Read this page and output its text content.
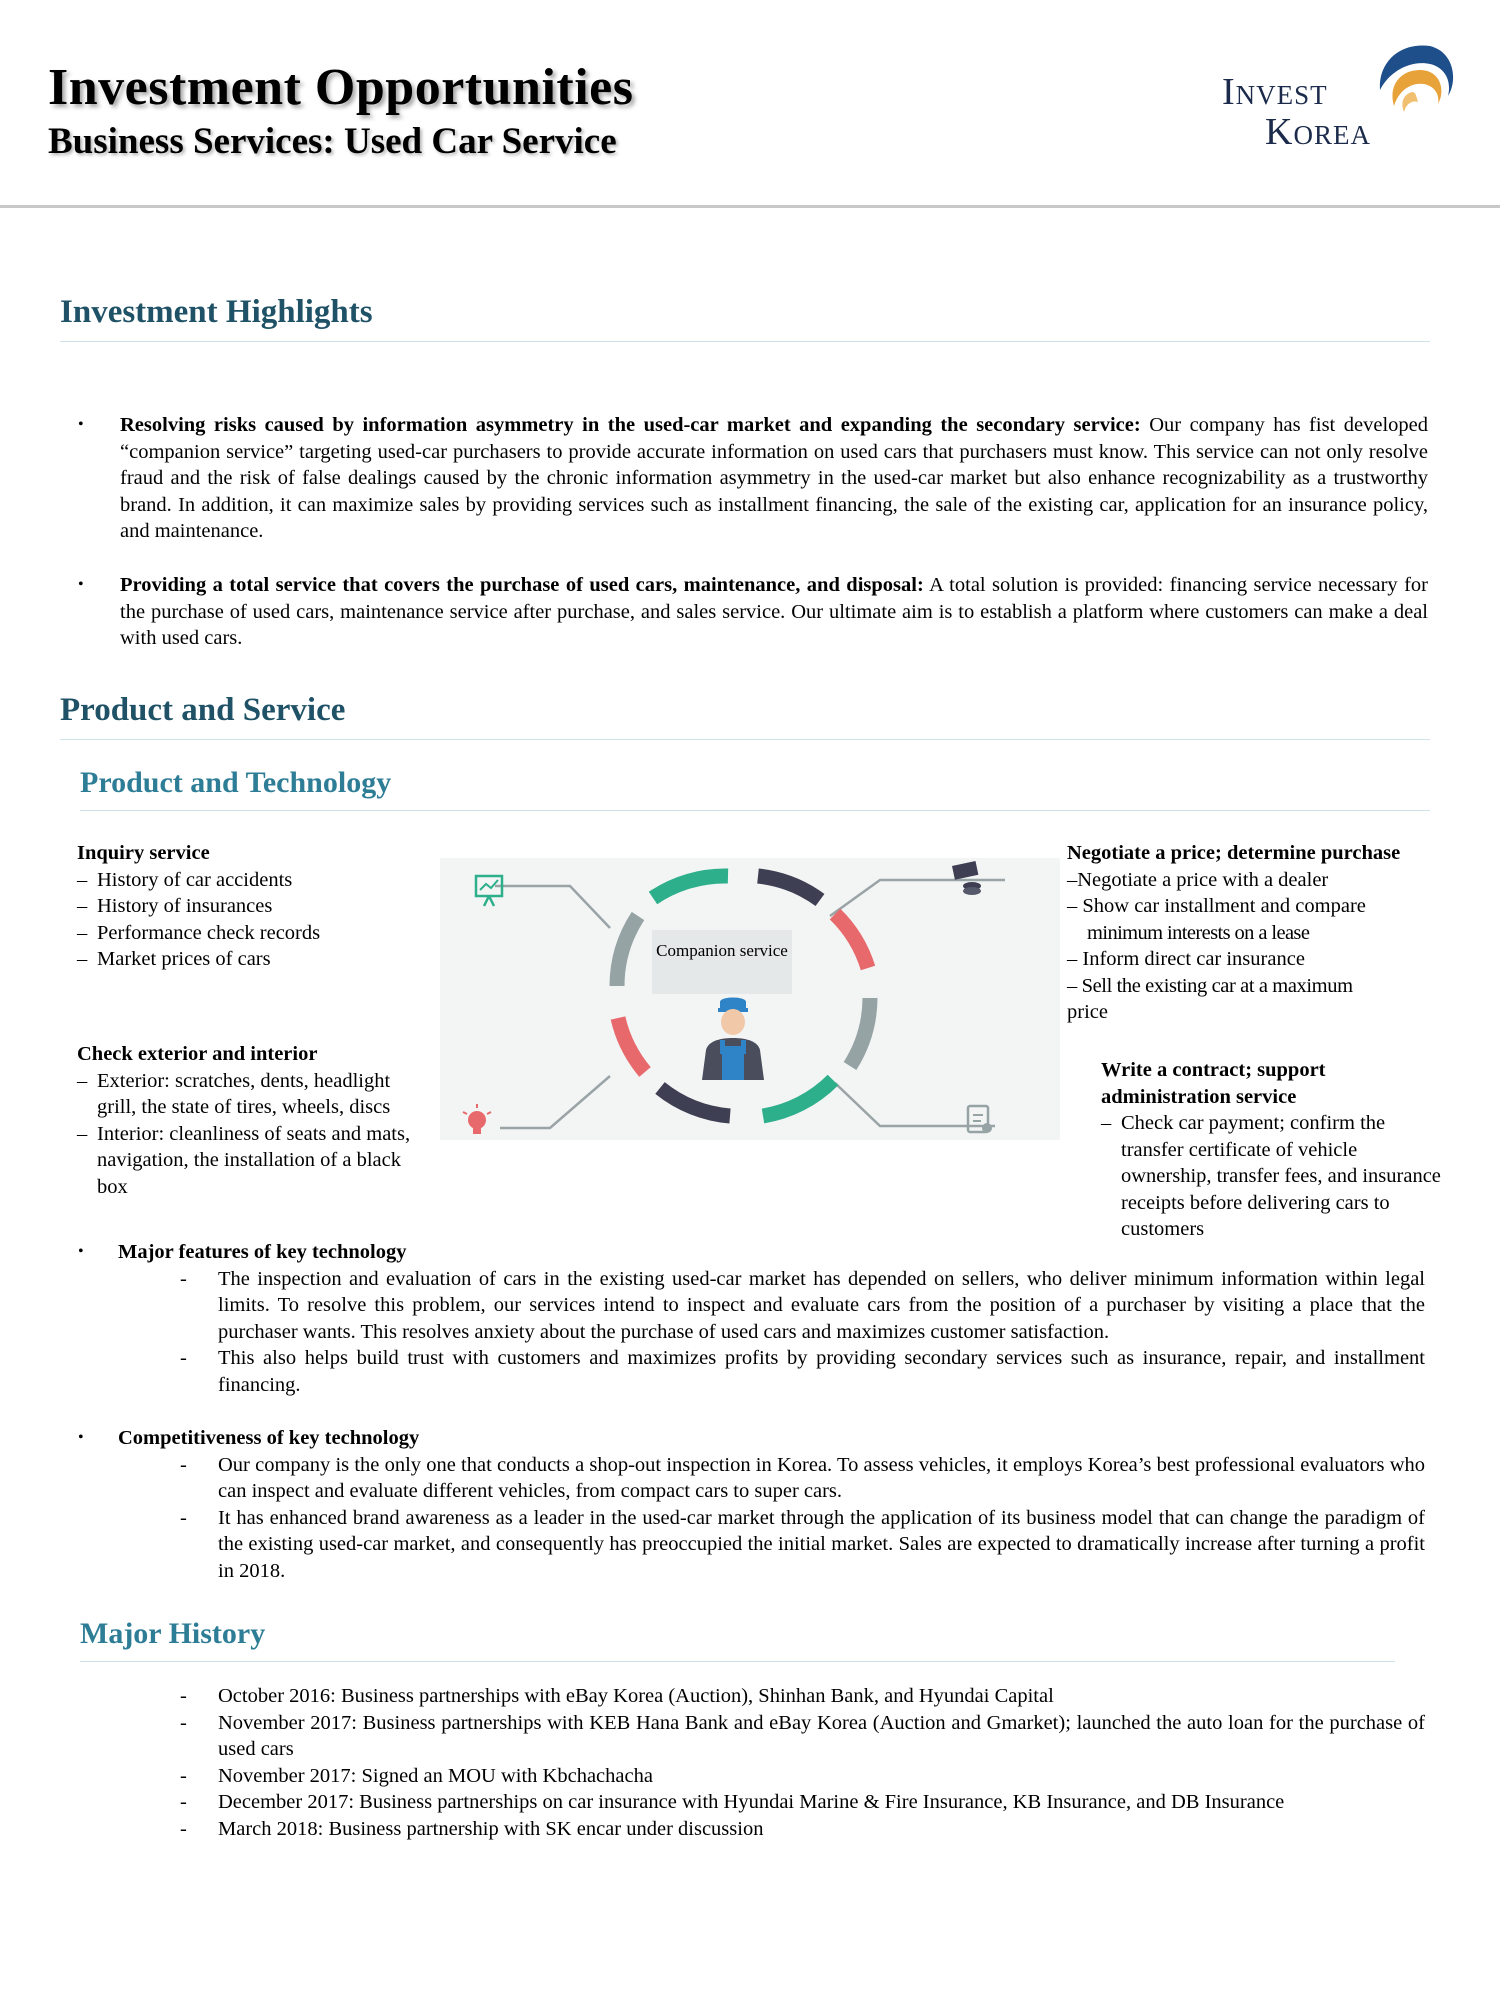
Investment Opportunities
Business Services: Used Car Service
Invest
Korea
Investment Highlights
• Resolving risks caused by information asymmetry in the used-car market and expanding the secondary service: Our company has fist developed “companion service” targeting used-car purchasers to provide accurate information on used cars that purchasers must know. This service can not only resolve fraud and the risk of false dealings caused by the chronic information asymmetry in the used-car market but also enhance recognizability as a trustworthy brand. In addition, it can maximize sales by providing services such as installment financing, the sale of the existing car, application for an insurance policy, and maintenance.
• Providing a total service that covers the purchase of used cars, maintenance, and disposal: A total solution is provided: financing service necessary for the purchase of used cars, maintenance service after purchase, and sales service. Our ultimate aim is to establish a platform where customers can make a deal with used cars.
Product and Service
Product and Technology
Inquiry service
– History of car accidents
– History of insurances
– Performance check records
– Market prices of cars
Check exterior and interior
– Exterior: scratches, dents, headlight grill, the state of tires, wheels, discs
– Interior: cleanliness of seats and mats, navigation, the installation of a black box
Companion service
Negotiate a price; determine purchase
–Negotiate a price with a dealer
– Show car installment and compare
minimum interests on a lease
– Inform direct car insurance
– Sell the existing car at a maximum
price
Write a contract; support administration service
– Check car payment; confirm the transfer certificate of vehicle ownership, transfer fees, and insurance receipts before delivering cars to customers
• Major features of key technology
- The inspection and evaluation of cars in the existing used-car market has depended on sellers, who deliver minimum information within legal limits. To resolve this problem, our services intend to inspect and evaluate cars from the position of a purchaser by visiting a place that the purchaser wants. This resolves anxiety about the purchase of used cars and maximizes customer satisfaction.
- This also helps build trust with customers and maximizes profits by providing secondary services such as insurance, repair, and installment financing.
• Competitiveness of key technology
- Our company is the only one that conducts a shop-out inspection in Korea. To assess vehicles, it employs Korea’s best professional evaluators who can inspect and evaluate different vehicles, from compact cars to super cars.
- It has enhanced brand awareness as a leader in the used-car market through the application of its business model that can change the paradigm of the existing used-car market, and consequently has preoccupied the initial market. Sales are expected to dramatically increase after turning a profit in 2018.
Major History
- October 2016: Business partnerships with eBay Korea (Auction), Shinhan Bank, and Hyundai Capital
- November 2017: Business partnerships with KEB Hana Bank and eBay Korea (Auction and Gmarket); launched the auto loan for the purchase of used cars
- November 2017: Signed an MOU with Kbchachacha
- December 2017: Business partnerships on car insurance with Hyundai Marine & Fire Insurance, KB Insurance, and DB Insurance
- March 2018: Business partnership with SK encar under discussion
